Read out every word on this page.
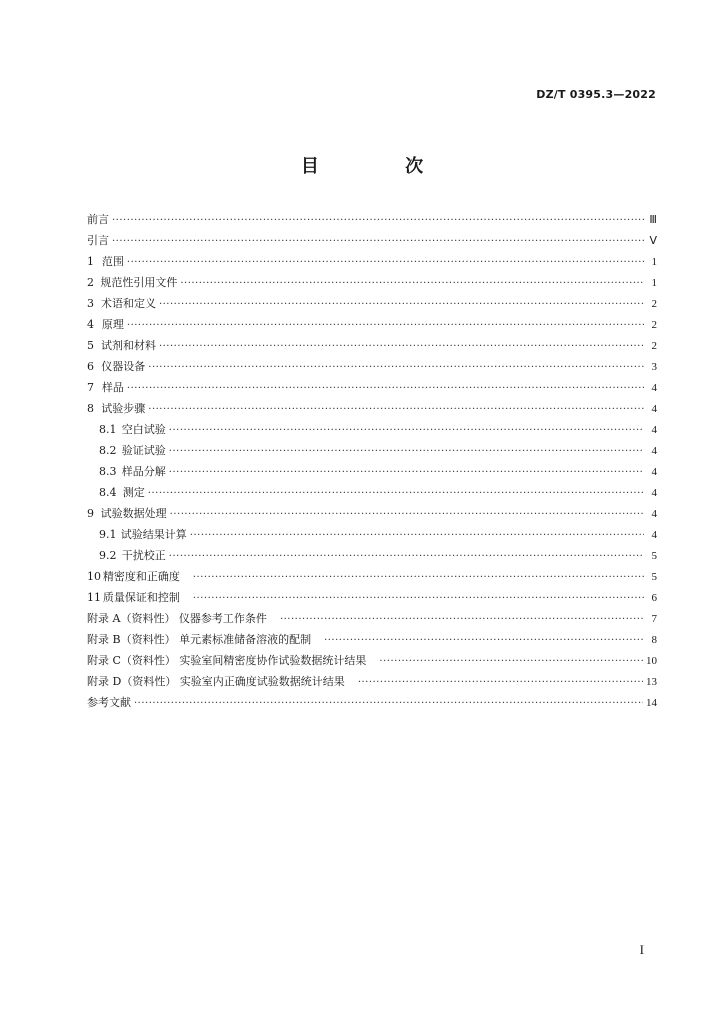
DZ/T 0395.3—2022
目 次
前言 ·····	Ⅲ
引言 ·····	Ⅴ
1 范围 ·····	1
2 规范性引用文件 ·····	1
3 术语和定义 ·····	2
4 原理 ·····	2
5 试剂和材料 ·····	2
6 仪器设备 ·····	3
7 样品 ·····	4
8 试验步骤 ·····	4
8.1 空白试验 ·····	4
8.2 验证试验 ·····	4
8.3 样品分解 ·····	4
8.4 测定 ·····	4
9 试验数据处理 ·····	4
9.1 试验结果计算 ·····	4
9.2 干扰校正 ·····	5
10 精密度和正确度 ·····	5
11 质量保证和控制 ·····	6
附录 A（资料性） 仪器参考工作条件 ·····	7
附录 B（资料性） 单元素标准储备溶液的配制 ·····	8
附录 C（资料性） 实验室间精密度协作试验数据统计结果 ·····	10
附录 D（资料性） 实验室内正确度试验数据统计结果 ·····	13
参考文献 ·····	14
I
